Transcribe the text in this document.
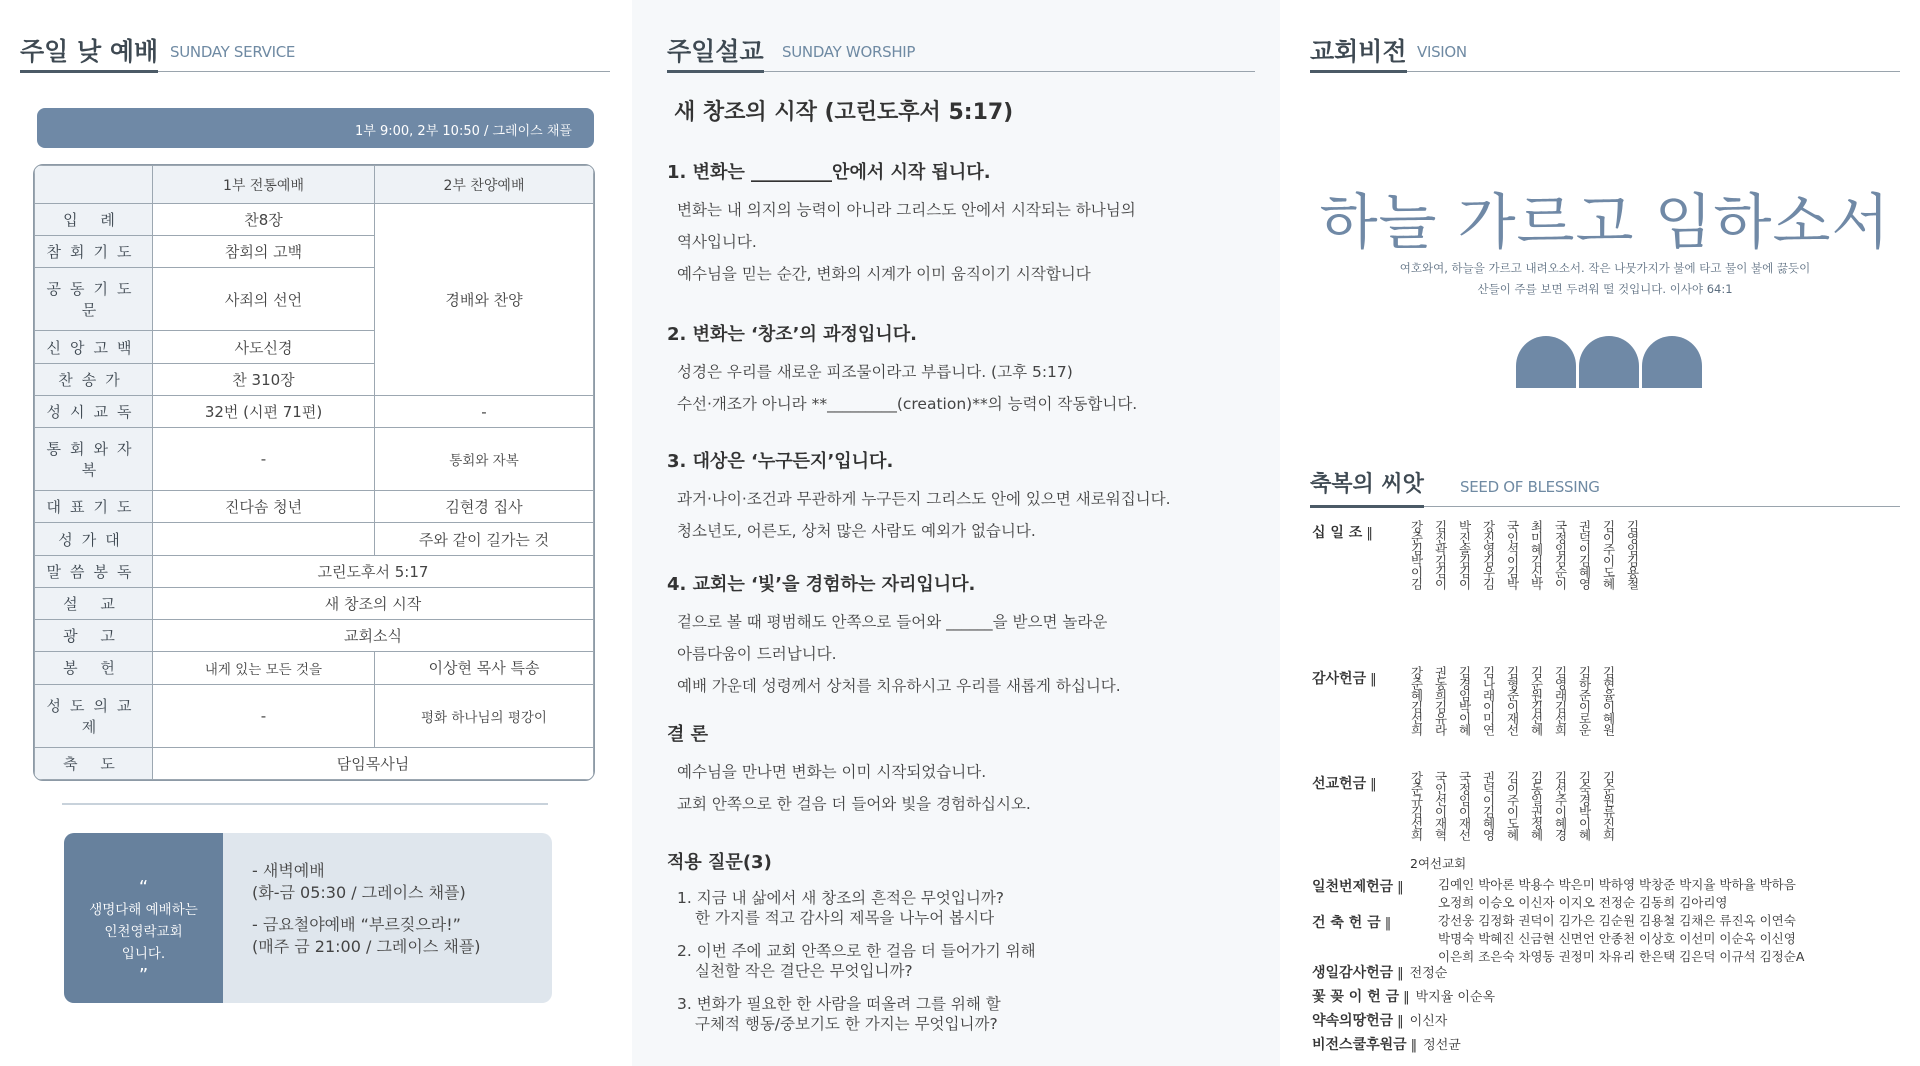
주일 낮 예배 SUNDAY SERVICE
1부 9:00, 2부 10:50 / 그레이스 채플
	1부 전통예배	2부 찬양예배
입 례	찬8장	경배와 찬양
참회기도	참회의 고백	
공동기도문	사죄의 선언	
신앙고백	사도신경	
찬송가	찬 310장	
성시교독	32번 (시편 71편)	-
통회와자복	-	통회와 자복
대표기도	진다솜 청년	김현경 집사
성가대		주와 같이 길가는 것
말씀봉독	고린도후서 5:17	
설 교	새 창조의 시작	
광 고	교회소식	
봉 헌	내게 있는 모든 것을	이상현 목사 특송
성도의교제	-	평화 하나님의 평강이
축 도	담임목사님	
“
생명다해 예배하는
인천영락교회
입니다.
”

- 새벽예배
(화-금 05:30 / 그레이스 채플)

- 금요철야예배 “부르짖으라!”
(매주 금 21:00 / 그레이스 채플)

주일설교 SUNDAY WORSHIP
새 창조의 시작 (고린도후서 5:17)
1. 변화는 _________안에서 시작 됩니다.
변화는 내 의지의 능력이 아니라 그리스도 안에서 시작되는 하나님의
역사입니다.
예수님을 믿는 순간, 변화의 시계가 이미 움직이기 시작합니다
2. 변화는 ‘창조’의 과정입니다.
성경은 우리를 새로운 피조물이라고 부릅니다. (고후 5:17)
수선·개조가 아니라 **_________(creation)**의 능력이 작동합니다.
3. 대상은 ‘누구든지’입니다.
과거·나이·조건과 무관하게 누구든지 그리스도 안에 있으면 새로워집니다.
청소년도, 어른도, 상처 많은 사람도 예외가 없습니다.
4. 교회는 ‘빛’을 경험하는 자리입니다.
겉으로 볼 때 평범해도 안쪽으로 들어와 ______을 받으면 놀라운
아름다움이 드러납니다.
예배 가운데 성령께서 상처를 치유하시고 우리를 새롭게 하십니다.
결 론
예수님을 만나면 변화는 이미 시작되었습니다.
교회 안쪽으로 한 걸음 더 들어와 빛을 경험하십시오.
적용 질문(3)
1. 지금 내 삶에서 새 창조의 흔적은 무엇입니까?
한 가지를 적고 감사의 제목을 나누어 봅시다
2. 이번 주에 교회 안쪽으로 한 걸음 더 들어가기 위해
실천할 작은 결단은 무엇입니까?
3. 변화가 필요한 한 사람을 떠올려 그를 위해 할
구체적 행동/중보기도 한 가지는 무엇입니까?
교회비전 VISION
하늘 가르고 임하소서
여호와여, 하늘을 가르고 내려오소서. 작은 나뭇가지가 불에 타고 물이 불에 끓듯이
산들이 주를 보면 두려워 떨 것입니다. 이사야 64:1
축복의 씨앗 SEED OF BLESSING
십 일 조 ‖	강준김박이김 김진곽김김이 박진솔김김이 강진영김우김 국인석이김박 최미혜김신박 국정임김순이 권덕이김혜영 김이주이도혜 김영임김용철
감사헌금 ‖	강준혜김선희 권동희김유라 김경임박이혜 김나래이미연 김형준이재선 김순원김선혜 김영래김선희 김하준이로운 김현율이혜원
선교헌금 ‖	강준규김선희 국인선이재혁 국정임이재선 권덕이김혜영 김이주이도혜 김동일권정혜 김선주이혜경 김숙경박이혜 김순원류진희
2여선교회
일천번제헌금 ‖	김예인 박아론 박용수 박은미 박하영 박창준 박지율 박하율 박하음
오정희 이승오 이신자 이지오 전정순 김동희 김아리영
건 축 헌 금 ‖	강선웅 김정화 권덕이 김가은 김순원 김용철 김채은 류진옥 이연숙
박명숙 박혜진 신금현 신면언 안종천 이상호 이선미 이순옥 이신영
이은희 조은숙 차영동 권정미 차유리 한은택 김은덕 이규석 김정순A
생일감사헌금 ‖ 전정순
꽃 꽂 이 헌 금 ‖ 박지율 이순옥
약속의땅헌금 ‖ 이신자
비전스쿨후원금 ‖ 정선균
